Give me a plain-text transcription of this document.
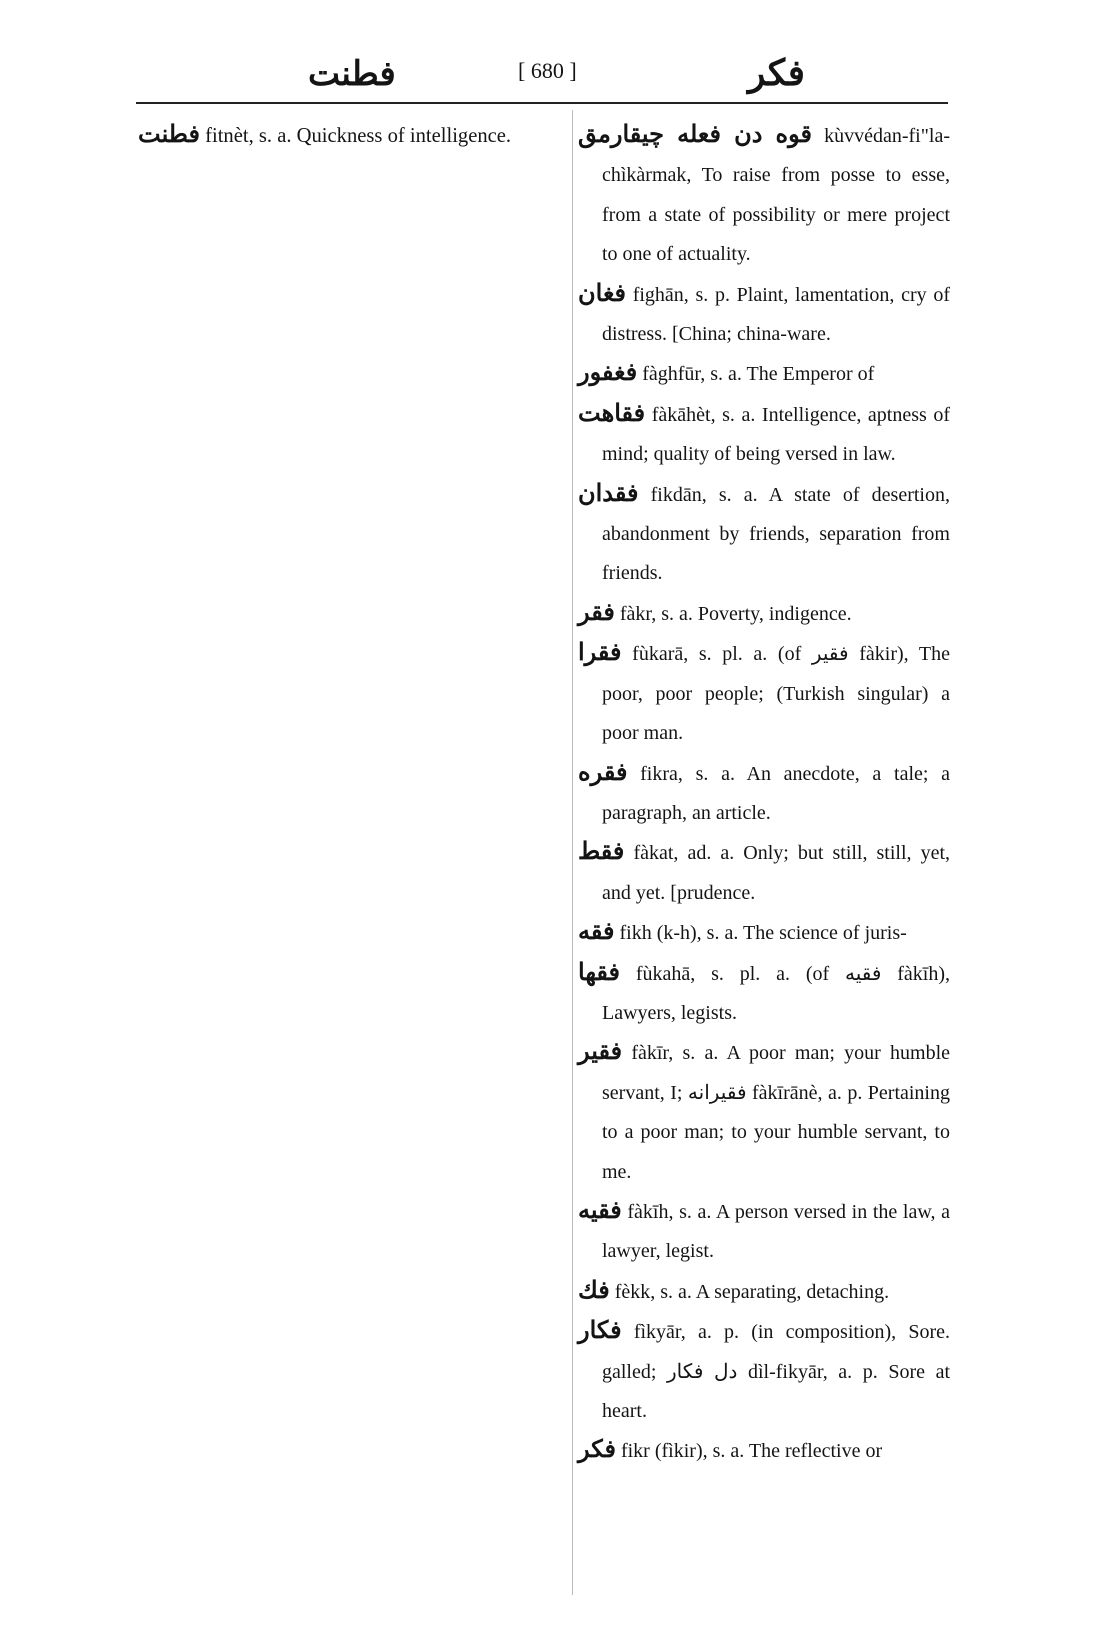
فطنت	[ 680 ]	فكر

فطنت fitnèt, s. a. Quickness of intelligence.	قوه دن فعله چيقارمق kùvvédan-fi"la-chìkàrmak, To raise from posse to esse, from a state of possibility or mere project to one of actuality.

فغان fighān, s. p. Plaint, lamentation, cry of distress. [China; china-ware.

فغفور fàghfūr, s. a. The Emperor of

فقاهت fàkāhèt, s. a. Intelligence, aptness of mind; quality of being versed in law.

فقدان fikdān, s. a. A state of desertion, abandonment by friends, separation from friends.

فقر fàkr, s. a. Poverty, indigence.

فقرا fùkarā, s. pl. a. (of فقير fàkir), The poor, poor people; (Turkish singular) a poor man.

فقره fikra, s. a. An anecdote, a tale; a paragraph, an article.

فقط fàkat, ad. a. Only; but still, still, yet, and yet. [prudence.

فقه fikh (k-h), s. a. The science of juris-

فقها fùkahā, s. pl. a. (of فقيه fàkīh), Lawyers, legists.

فقير fàkīr, s. a. A poor man; your humble servant, I; فقيرانه fàkīrānè, a. p. Pertaining to a poor man; to your humble servant, to me.

فقيه fàkīh, s. a. A person versed in the law, a lawyer, legist.

فك fèkk, s. a. A separating, detaching.

فكار fìkyār, a. p. (in composition), Sore. galled; دل فكار dìl-fikyār, a. p. Sore at heart.

فكر fikr (fìkir), s. a. The reflective or
